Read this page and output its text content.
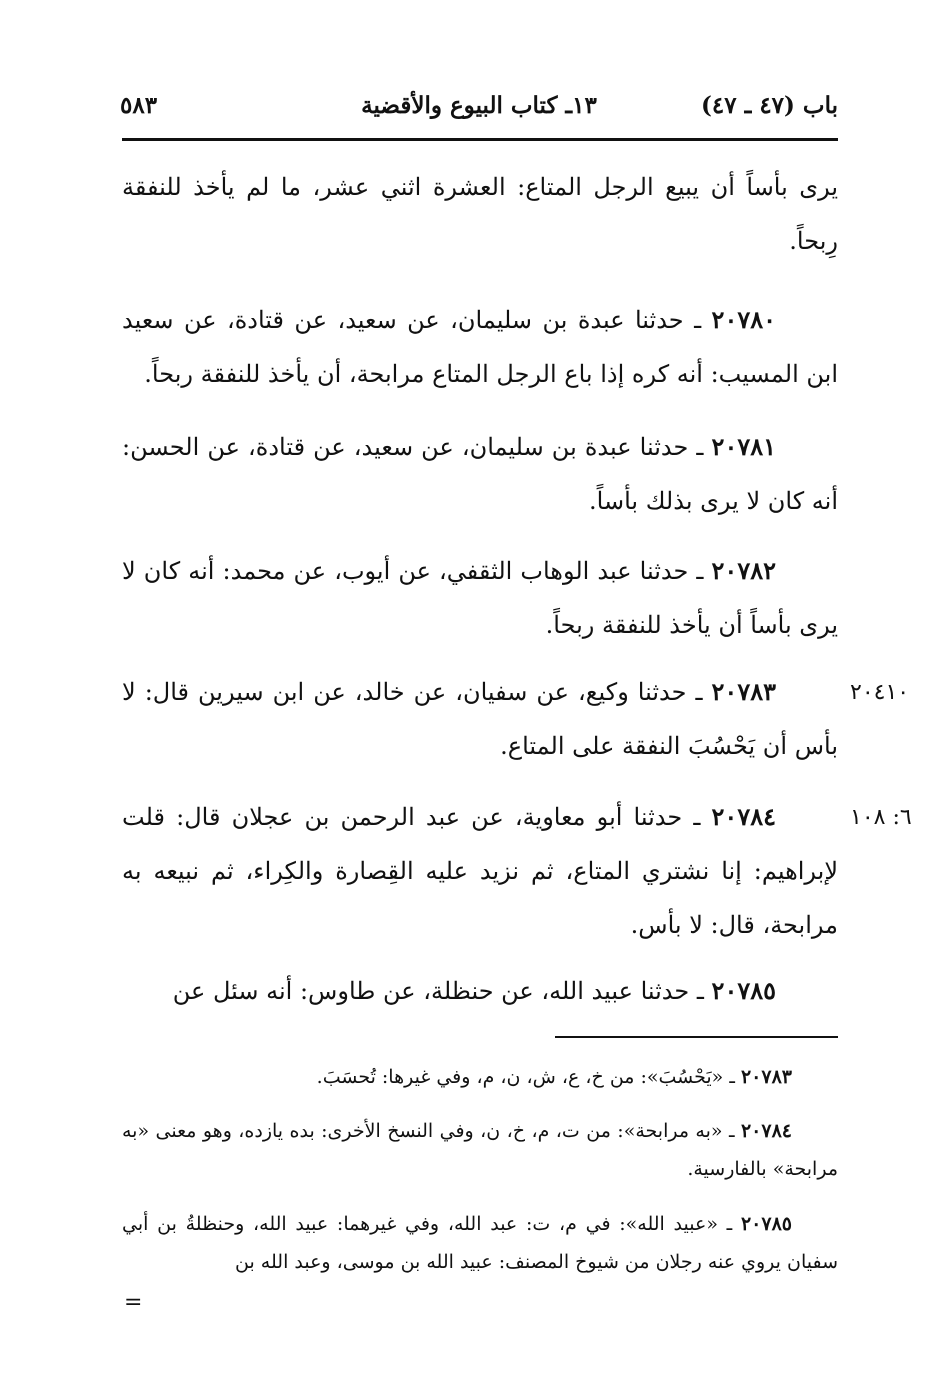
باب (٤٧ ـ ٤٧)
١٣ـ كتاب البيوع والأقضية
٥٨٣
يرى بأساً أن يبيع الرجل المتاع: العشرة اثني عشر، ما لم يأخذ للنفقة رِبحاً.
٢٠٧٨٠ ـ حدثنا عبدة بن سليمان، عن سعيد، عن قتادة، عن سعيد ابن المسيب: أنه كره إذا باع الرجل المتاع مرابحة، أن يأخذ للنفقة ربحاً.
٢٠٧٨١ ـ حدثنا عبدة بن سليمان، عن سعيد، عن قتادة، عن الحسن: أنه كان لا يرى بذلك بأساً.
٢٠٧٨٢ ـ حدثنا عبد الوهاب الثقفي، عن أيوب، عن محمد: أنه كان لا يرى بأساً أن يأخذ للنفقة ربحاً.
٢٠٤١٠
٢٠٧٨٣ ـ حدثنا وكيع، عن سفيان، عن خالد، عن ابن سيرين قال: لا بأس أن يَحْسُبَ النفقة على المتاع.
٦: ١٠٨
٢٠٧٨٤ ـ حدثنا أبو معاوية، عن عبد الرحمن بن عجلان قال: قلت لإبراهيم: إنا نشتري المتاع، ثم نزيد عليه القِصارة والكِراء، ثم نبيعه به مرابحة، قال: لا بأس.
٢٠٧٨٥ ـ حدثنا عبيد الله، عن حنظلة، عن طاوس: أنه سئل عن
٢٠٧٨٣ ـ «يَحْسُبَ»: من خ، ع، ش، ن، م، وفي غيرها: تُحسَبَ.
٢٠٧٨٤ ـ «به مرابحة»: من ت، م، خ، ن، وفي النسخ الأخرى: بده يازده، وهو معنى «به مرابحة» بالفارسية.
٢٠٧٨٥ ـ «عبيد الله»: في م، ت: عبد الله، وفي غيرهما: عبيد الله، وحنظلةُ بن أبي سفيان يروي عنه رجلان من شيوخ المصنف: عبيد الله بن موسى، وعبد الله بن
=
